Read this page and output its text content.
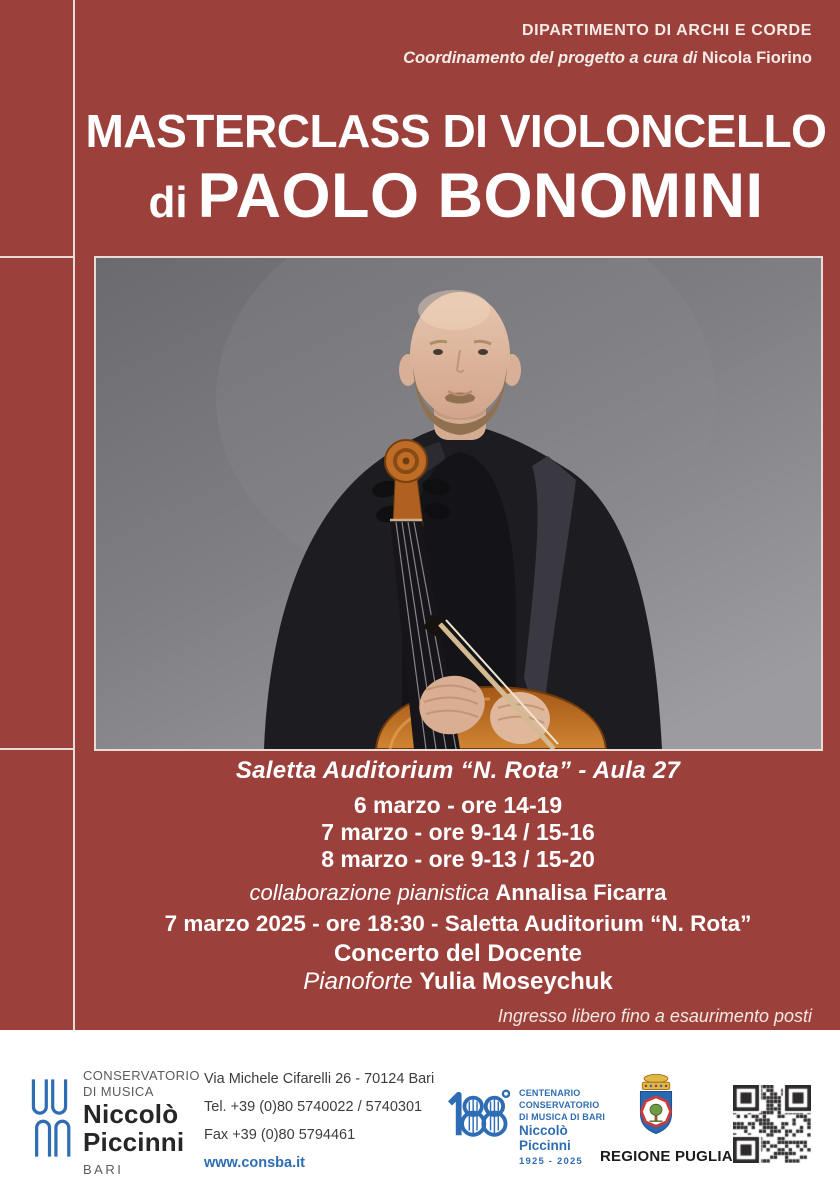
DIPARTIMENTO DI ARCHI E CORDE
Coordinamento del progetto a cura di Nicola Fiorino
MASTERCLASS DI VIOLONCELLO
di PAOLO BONOMINI
Saletta Auditorium “N. Rota” - Aula 27
6 marzo - ore 14-19
7 marzo - ore 9-14 / 15-16
8 marzo - ore 9-13 / 15-20
collaborazione pianistica Annalisa Ficarra
7 marzo 2025 - ore 18:30 - Saletta Auditorium “N. Rota”
Concerto del Docente
Pianoforte Yulia Moseychuk
Ingresso libero fino a esaurimento posti
CONSERVATORIO
DI MUSICA
Niccolò
Piccinni
BARI
Via Michele Cifarelli 26 - 70124 Bari
Tel. +39 (0)80 5740022 / 5740301
Fax +39 (0)80 5794461
www.consba.it
CENTENARIO
CONSERVATORIO
DI MUSICA DI BARI
Niccolò
Piccinni
1925 - 2025	REGIONE PUGLIA
